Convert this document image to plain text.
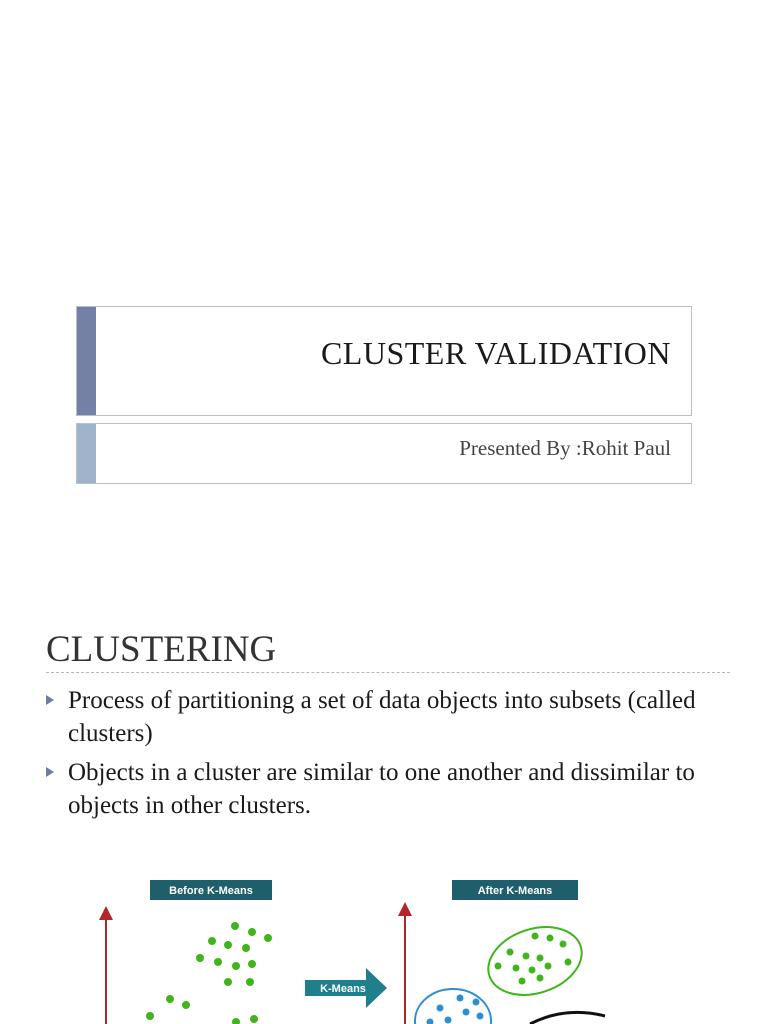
CLUSTER VALIDATION
Presented By :Rohit Paul
CLUSTERING
Process of partitioning a set of data objects into subsets (called clusters)
Objects in a cluster are similar to one another and dissimilar to objects in other clusters.
Before K-Means	After K-Means
K-Means
